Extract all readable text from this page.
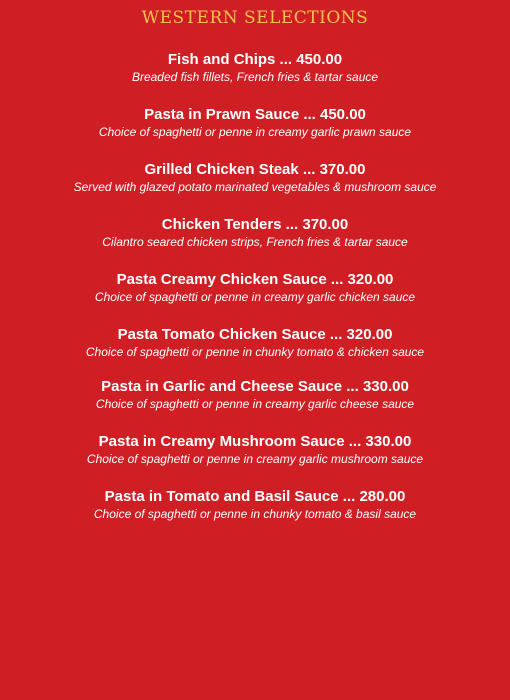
WESTERN SELECTIONS
Fish and Chips ... 450.00
Breaded fish fillets, French fries & tartar sauce
Pasta in Prawn Sauce ... 450.00
Choice of spaghetti or penne in creamy garlic prawn sauce
Grilled Chicken Steak ... 370.00
Served with glazed potato marinated vegetables & mushroom sauce
Chicken Tenders ... 370.00
Cilantro seared chicken strips, French fries & tartar sauce
Pasta Creamy Chicken Sauce ... 320.00
Choice of spaghetti or penne in creamy garlic chicken sauce
Pasta Tomato Chicken Sauce ... 320.00
Choice of spaghetti or penne in chunky tomato & chicken sauce
Pasta in Garlic and Cheese Sauce ... 330.00
Choice of spaghetti or penne in creamy garlic cheese sauce
Pasta in Creamy Mushroom Sauce ... 330.00
Choice of spaghetti or penne in creamy garlic mushroom sauce
Pasta in Tomato and Basil Sauce ... 280.00
Choice of spaghetti or penne in chunky tomato & basil sauce
